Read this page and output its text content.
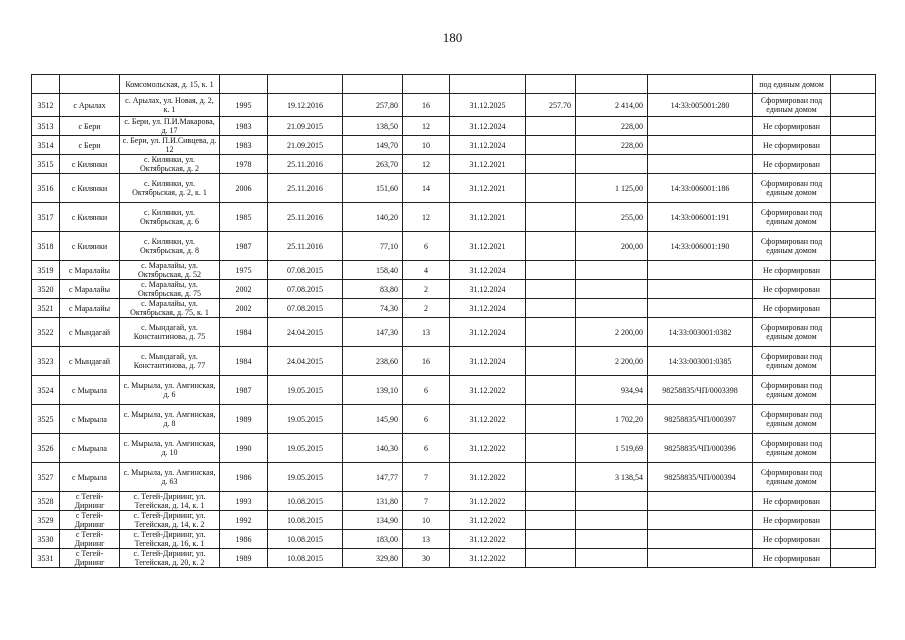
180
		Комсомольская, д. 15, к. 1									под единым домом	
3512	с Арылах	с. Арылах, ул. Новая, д. 2, к. 1	1995	19.12.2016	257,80	16	31.12.2025	257.70	2 414,00	14:33:005001:280	Сформирован под единым домом	
3513	с Бери	с. Бери, ул. П.И.Макарова, д. 17	1983	21.09.2015	138,50	12	31.12.2024		228,00		Не сформирован	
3514	с Бери	с. Бери, ул. П.И.Сивцева, д. 12	1983	21.09.2015	149,70	10	31.12.2024		228,00		Не сформирован	
3515	с Килянки	с. Килянки, ул. Октябрьская, д. 2	1978	25.11.2016	263,70	12	31.12.2021				Не сформирован	
3516	с Килянки	с. Килянки, ул. Октябрьская, д. 2, к. 1	2006	25.11.2016	151,60	14	31.12.2021		1 125,00	14:33:006001:186	Сформирован под единым домом	
3517	с Килянки	с. Килянки, ул. Октябрьская, д. 6	1985	25.11.2016	140,20	12	31.12.2021		255,00	14:33:006001:191	Сформирован под единым домом	
3518	с Килянки	с. Килянки, ул. Октябрьская, д. 8	1987	25.11.2016	77,10	6	31.12.2021		200,00	14:33:006001:190	Сформирован под единым домом	
3519	с Маралайы	с. Маралайы, ул. Октябрьская, д. 52	1975	07.08.2015	158,40	4	31.12.2024				Не сформирован	
3520	с Маралайы	с. Маралайы, ул. Октябрьская, д. 75	2002	07.08.2015	83,80	2	31.12.2024				Не сформирован	
3521	с Маралайы	с. Маралайы, ул. Октябрьская, д. 75, к. 1	2002	07.08.2015	74,30	2	31.12.2024				Не сформирован	
3522	с Мындагай	с. Мындагай, ул. Константинова, д. 75	1984	24.04.2015	147,30	13	31.12.2024		2 200,00	14:33:003001:0382	Сформирован под единым домом	
3523	с Мындагай	с. Мындагай, ул. Константинова, д. 77	1984	24.04.2015	238,60	16	31.12.2024		2 200,00	14:33:003001:0385	Сформирован под единым домом	
3524	с Мырыла	с. Мырыла, ул. Амгинская, д. 6	1987	19.05.2015	139,10	6	31.12.2022		934,94	98258835/ЧП/0003398	Сформирован под единым домом	
3525	с Мырыла	с. Мырыла, ул. Амгинская, д. 8	1989	19.05.2015	145,90	6	31.12.2022		1 702,20	98258835/ЧП/000397	Сформирован под единым домом	
3526	с Мырыла	с. Мырыла, ул. Амгинская, д. 10	1990	19.05.2015	140,30	6	31.12.2022		1 519,69	98258835/ЧП/000396	Сформирован под единым домом	
3527	с Мырыла	с. Мырыла, ул. Амгинская, д. 63	1986	19.05.2015	147,77	7	31.12.2022		3 138,54	98258835/ЧП/000394	Сформирован под единым домом	
3528	с Тегей-Дириинг	с. Тегей-Дириинг, ул. Тегейская, д. 14, к. 1	1993	10.08.2015	131,80	7	31.12.2022				Не сформирован	
3529	с Тегей-Дириинг	с. Тегей-Дириинг, ул. Тегейская, д. 14, к. 2	1992	10.08.2015	134,90	10	31.12.2022				Не сформирован	
3530	с Тегей-Дириинг	с. Тегей-Дириинг, ул. Тегейская, д. 16, к. 1	1986	10.08.2015	183,00	13	31.12.2022				Не сформирован	
3531	с Тегей-Дириинг	с. Тегей-Дириинг, ул. Тегейская, д. 20, к. 2	1989	10.08.2015	329,80	30	31.12.2022				Не сформирован	
